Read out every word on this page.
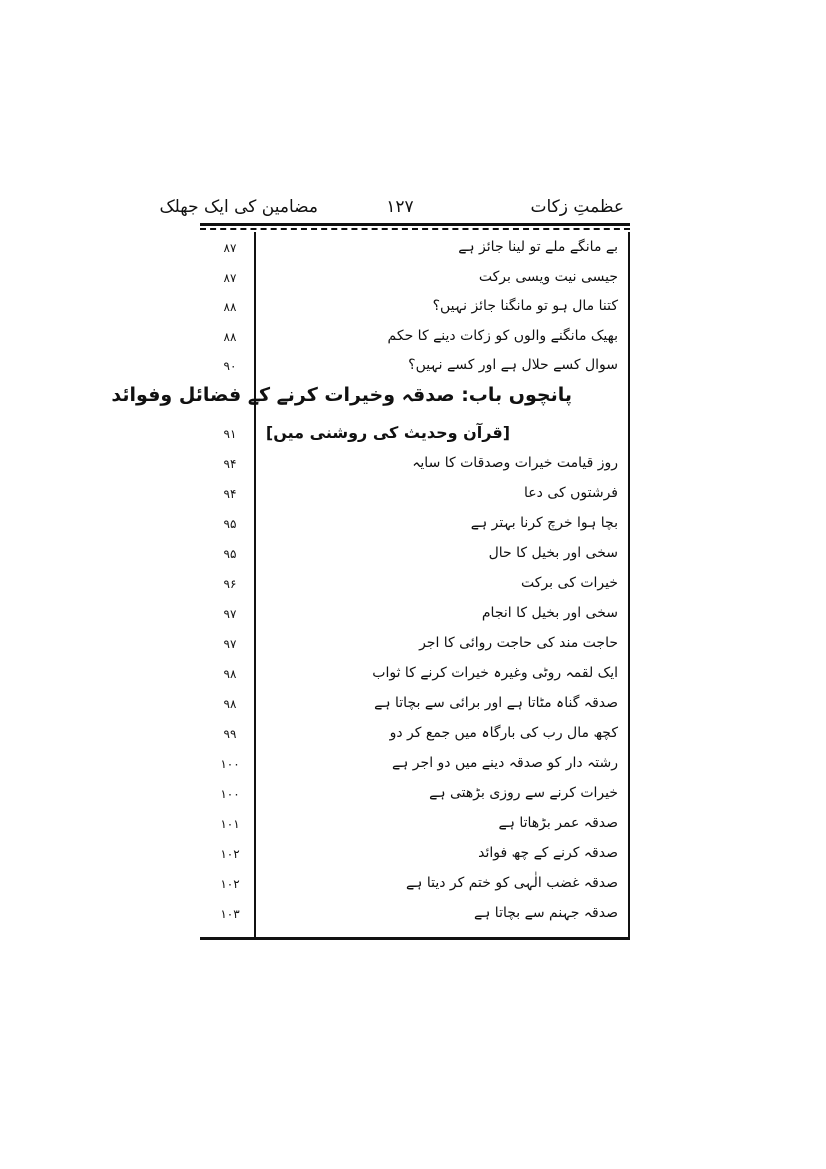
عظمتِ زکات
۱۲۷
مضامین کی ایک جھلک
بے مانگے ملے تو لینا جائز ہے
۸۷
جیسی نیت ویسی برکت
۸۷
کتنا مال ہو تو مانگنا جائز نہیں؟
۸۸
بھیک مانگنے والوں کو زکات دینے کا حکم
۸۸
سوال کسے حلال ہے اور کسے نہیں؟
۹۰
پانچوں باب: صدقہ وخیرات کرنے کے فضائل وفوائد
[قرآن وحدیث کی روشنی میں]
۹۱
روز قیامت خیرات وصدقات کا سایہ
۹۴
فرشتوں کی دعا
۹۴
بچا ہوا خرچ کرنا بہتر ہے
۹۵
سخی اور بخیل کا حال
۹۵
خیرات کی برکت
۹۶
سخی اور بخیل کا انجام
۹۷
حاجت مند کی حاجت روائی کا اجر
۹۷
ایک لقمہ روٹی وغیرہ خیرات کرنے کا ثواب
۹۸
صدقہ گناہ مٹاتا ہے اور برائی سے بچاتا ہے
۹۸
کچھ مال رب کی بارگاہ میں جمع کر دو
۹۹
رشتہ دار کو صدقہ دینے میں دو اجر ہے
۱۰۰
خیرات کرنے سے روزی بڑھتی ہے
۱۰۰
صدقہ عمر بڑھاتا ہے
۱۰۱
صدقہ کرنے کے چھ فوائد
۱۰۲
صدقہ غضب الٰہی کو ختم کر دیتا ہے
۱۰۲
صدقہ جہنم سے بچاتا ہے
۱۰۳
